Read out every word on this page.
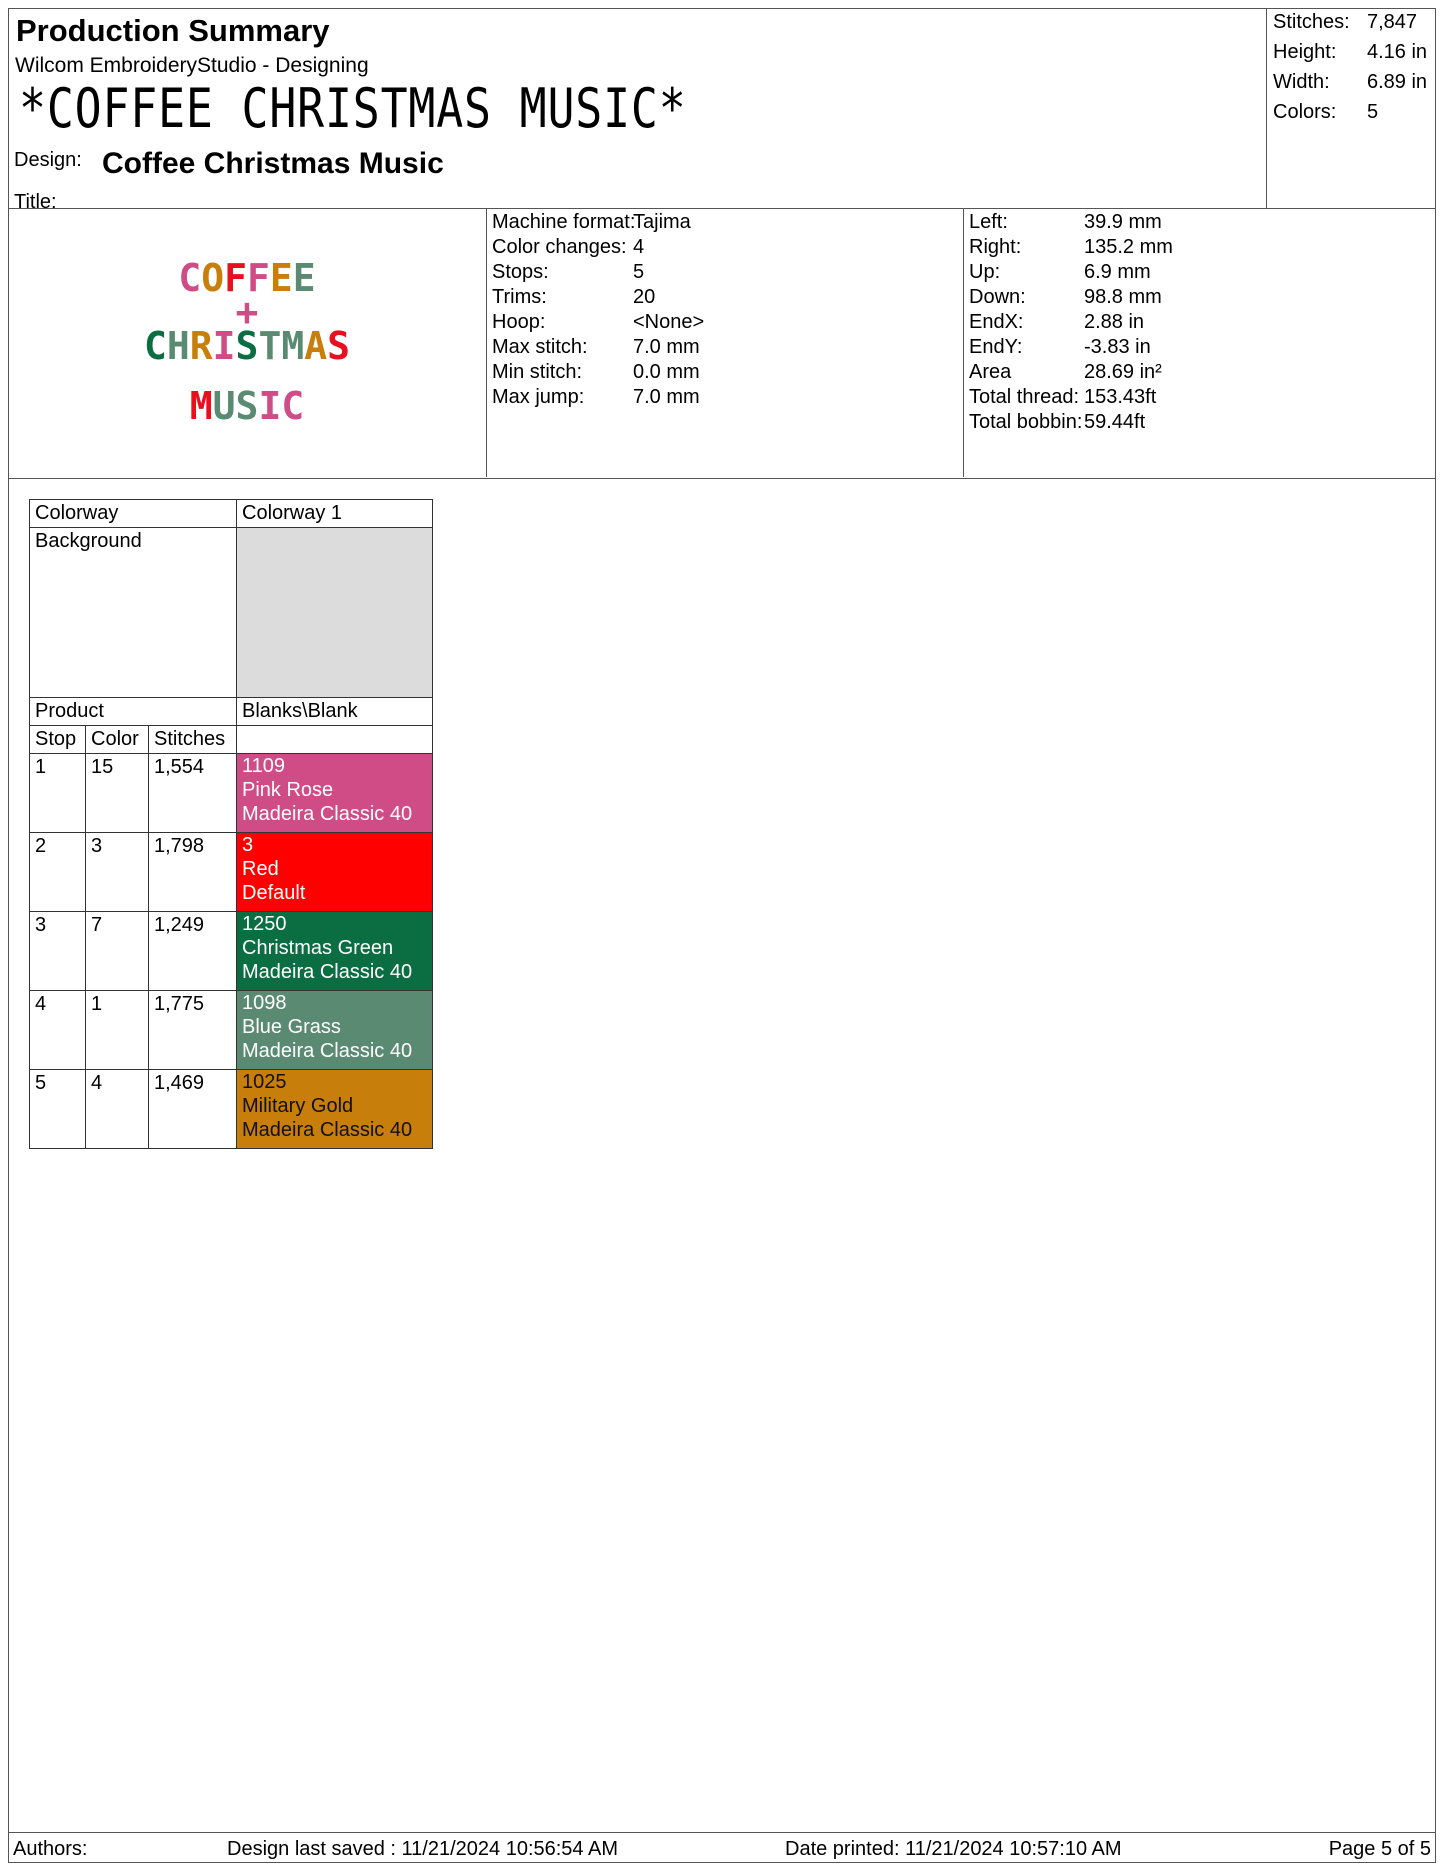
Production Summary
Wilcom EmbroideryStudio - Designing
*COFFEE CHRISTMAS MUSIC*
Design: Coffee Christmas Music
Title:
Stitches: 7,847
Height: 4.16 in
Width: 6.89 in
Colors: 5
COFFEE
+
CHRISTMAS
MUSIC
Machine format:
Tajima
Color changes: 4
Stops:	5
Trims:	20
Hoop:	<None>
Max stitch: 7.0 mm
Min stitch:	0.0 mm
Max jump: 7.0 mm
Left:	39.9 mm
Right:	135.2 mm
Up:	6.9 mm
Down:	98.8 mm
EndX:	2.88 in
EndY:	-3.83 in
Area	28.69 in²
Total thread: 153.43ft
Total bobbin: 59.44ft
Colorway			Colorway 1
Background			
Product			Blanks\Blank
Stop	Color	Stitches	
1	15	1,554	1109
Pink Rose
Madeira Classic 40

2	3	1,798	3
Red
Default

3	7	1,249	1250
Christmas Green
Madeira Classic 40

4	1	1,775	1098
Blue Grass
Madeira Classic 40

5	4	1,469	1025
Military Gold
Madeira Classic 40
Authors:	Design last saved : 11/21/2024 10:56:54 AM	Date printed: 11/21/2024 10:57:10 AM	Page 5 of 5
